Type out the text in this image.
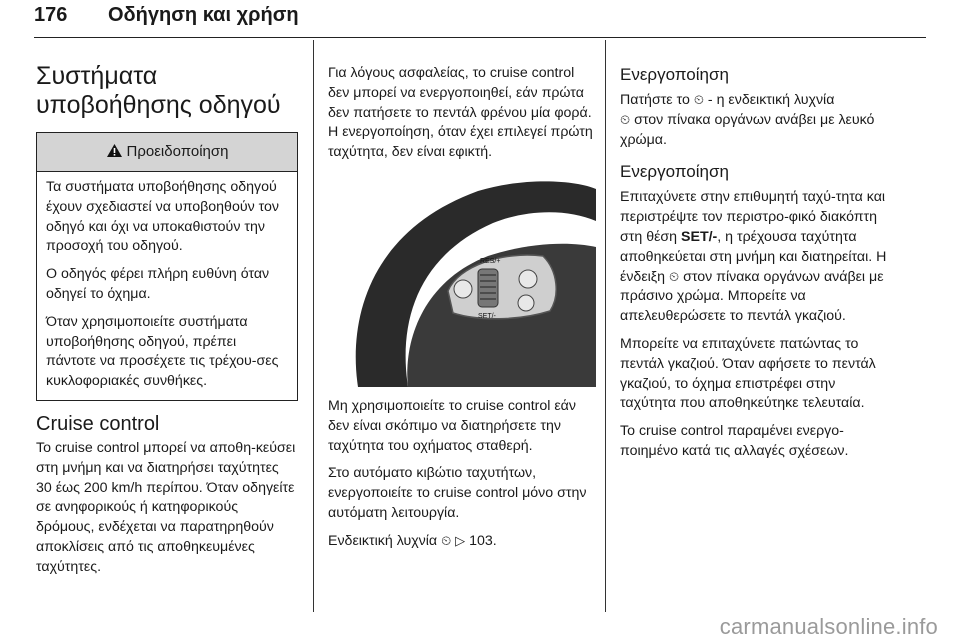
176 Οδήγηση και χρήση
Συστήματα
υποβοήθησης οδηγού
Προειδοποίηση

Τα συστήματα υποβοήθησης οδηγού έχουν σχεδιαστεί να υποβοηθούν τον οδηγό και όχι να υποκαθιστούν την προσοχή του οδηγού.

Ο οδηγός φέρει πλήρη ευθύνη όταν οδηγεί το όχημα.

Όταν χρησιμοποιείτε συστήματα υποβοήθησης οδηγού, πρέπει πάντοτε να προσέχετε τις τρέχου-σες κυκλοφοριακές συνθήκες.

Cruise control

Το cruise control μπορεί να αποθη-κεύσει στη μνήμη και να διατηρήσει ταχύτητες 30 έως 200 km/h περίπου. Όταν οδηγείτε σε ανηφορικούς ή κατηφορικούς δρόμους, ενδέχεται να παρατηρηθούν αποκλίσεις από τις αποθηκευμένες ταχύτητες.

Για λόγους ασφαλείας, το cruise control δεν μπορεί να ενεργοποιηθεί, εάν πρώτα δεν πατήσετε το πεντάλ φρένου μία φορά. Η ενεργοποίηση, όταν έχει επιλεγεί πρώτη ταχύτητα, δεν είναι εφικτή.

RES/+
SET/-

Μη χρησιμοποιείτε το cruise control εάν δεν είναι σκόπιμο να διατηρήσετε την ταχύτητα του οχήματος σταθερή.

Στο αυτόματο κιβώτιο ταχυτήτων, ενεργοποιείτε το cruise control μόνο στην αυτόματη λειτουργία.

Ενδεικτική λυχνία ⏲ ▷ 103.

Ενεργοποίηση

Πατήστε το ⏲ - η ενδεικτική λυχνία
⏲ στον πίνακα οργάνων ανάβει με λευκό χρώμα.

Ενεργοποίηση

Επιταχύνετε στην επιθυμητή ταχύ-τητα και περιστρέψτε τον περιστρο-φικό διακόπτη στη θέση SET/-, η τρέχουσα ταχύτητα αποθηκεύεται στη μνήμη και διατηρείται. Η ένδειξη ⏲ στον πίνακα οργάνων ανάβει με πράσινο χρώμα. Μπορείτε να απελευθερώσετε το πεντάλ γκαζιού.

Μπορείτε να επιταχύνετε πατώντας το πεντάλ γκαζιού. Όταν αφήσετε το πεντάλ γκαζιού, το όχημα επιστρέφει στην ταχύτητα που αποθηκεύτηκε τελευταία.

Το cruise control παραμένει ενεργο-ποιημένο κατά τις αλλαγές σχέσεων.

carmanualsonline.info
